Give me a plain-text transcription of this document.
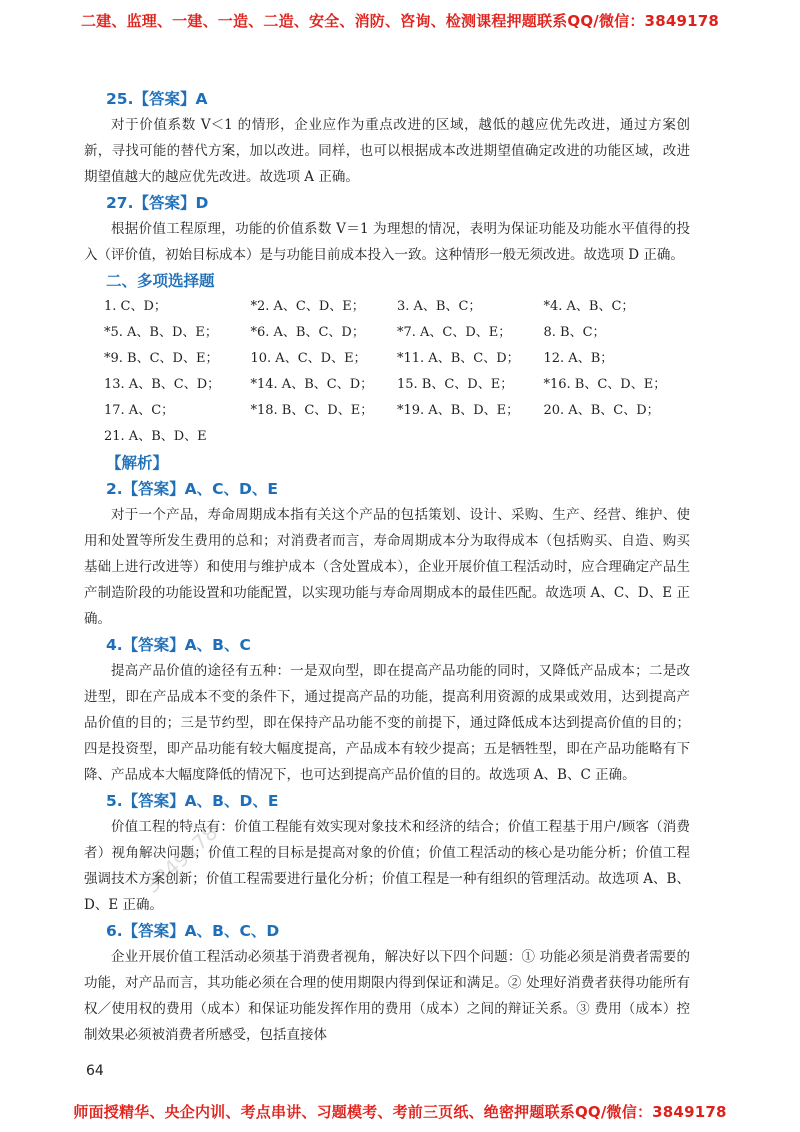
二建、监理、一建、一造、二造、安全、消防、咨询、检测课程押题联系QQ/微信：3849178
25.【答案】A
对于价值系数 V＜1 的情形，企业应作为重点改进的区域，越低的越应优先改进，通过方案创新，寻找可能的替代方案，加以改进。同样，也可以根据成本改进期望值确定改进的功能区域，改进期望值越大的越应优先改进。故选项 A 正确。
27.【答案】D
根据价值工程原理，功能的价值系数 V＝1 为理想的情况，表明为保证功能及功能水平值得的投入（评价值，初始目标成本）是与功能目前成本投入一致。这种情形一般无须改进。故选项 D 正确。
二、多项选择题
1. C、D；	*2. A、C、D、E；	3. A、B、C；	*4. A、B、C；
*5. A、B、D、E；	*6. A、B、C、D；	*7. A、C、D、E；	8. B、C；
*9. B、C、D、E；	10. A、C、D、E；	*11. A、B、C、D；	12. A、B；
13. A、B、C、D；	*14. A、B、C、D；	15. B、C、D、E；	*16. B、C、D、E；
17. A、C；	*18. B、C、D、E；	*19. A、B、D、E；	20. A、B、C、D；
21. A、B、D、E
【解析】
2.【答案】A、C、D、E
对于一个产品，寿命周期成本指有关这个产品的包括策划、设计、采购、生产、经营、维护、使用和处置等所发生费用的总和；对消费者而言，寿命周期成本分为取得成本（包括购买、自造、购买基础上进行改进等）和使用与维护成本（含处置成本），企业开展价值工程活动时，应合理确定产品生产制造阶段的功能设置和功能配置，以实现功能与寿命周期成本的最佳匹配。故选项 A、C、D、E 正确。
4.【答案】A、B、C
提高产品价值的途径有五种：一是双向型，即在提高产品功能的同时，又降低产品成本；二是改进型，即在产品成本不变的条件下，通过提高产品的功能，提高利用资源的成果或效用，达到提高产品价值的目的；三是节约型，即在保持产品功能不变的前提下，通过降低成本达到提高价值的目的；四是投资型，即产品功能有较大幅度提高，产品成本有较少提高；五是牺牲型，即在产品功能略有下降、产品成本大幅度降低的情况下，也可达到提高产品价值的目的。故选项 A、B、C 正确。
5.【答案】A、B、D、E
价值工程的特点有：价值工程能有效实现对象技术和经济的结合；价值工程基于用户/顾客（消费者）视角解决问题；价值工程的目标是提高对象的价值；价值工程活动的核心是功能分析；价值工程强调技术方案创新；价值工程需要进行量化分析；价值工程是一种有组织的管理活动。故选项 A、B、D、E 正确。
6.【答案】A、B、C、D
企业开展价值工程活动必须基于消费者视角，解决好以下四个问题：① 功能必须是消费者需要的功能，对产品而言，其功能必须在合理的使用期限内得到保证和满足。② 处理好消费者获得功能所有权／使用权的费用（成本）和保证功能发挥作用的费用（成本）之间的辩证关系。③ 费用（成本）控制效果必须被消费者所感受，包括直接体
3849178
64
师面授精华、央企内训、考点串讲、习题模考、考前三页纸、绝密押题联系QQ/微信：3849178
